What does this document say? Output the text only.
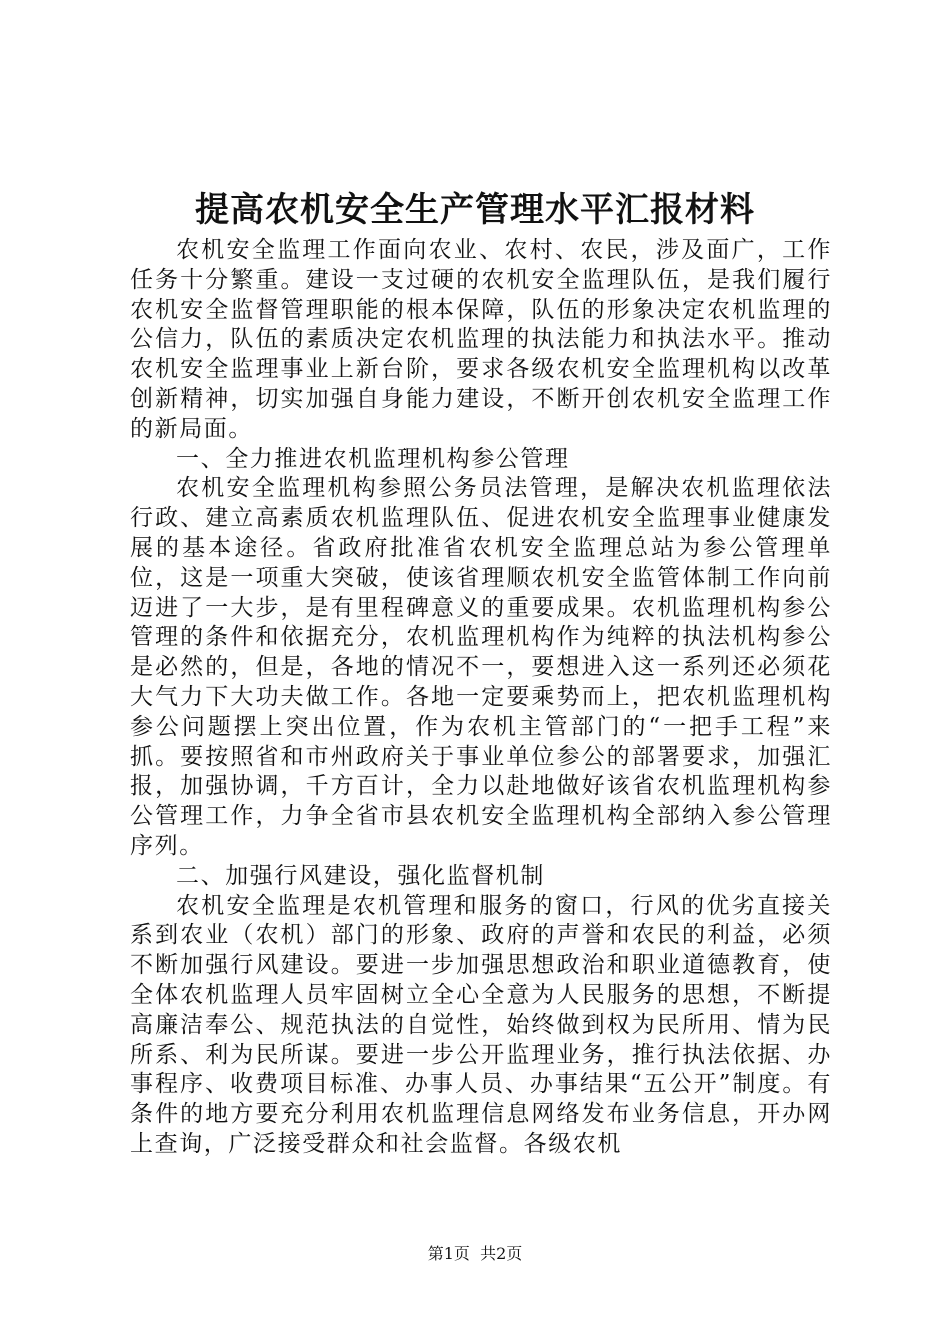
提高农机安全生产管理水平汇报材料

农机安全监理工作面向农业、农村、农民，涉及面广，工作任务十分繁重。建设一支过硬的农机安全监理队伍，是我们履行农机安全监督管理职能的根本保障，队伍的形象决定农机监理的公信力，队伍的素质决定农机监理的执法能力和执法水平。推动农机安全监理事业上新台阶，要求各级农机安全监理机构以改革创新精神，切实加强自身能力建设，不断开创农机安全监理工作的新局面。

一、全力推进农机监理机构参公管理

农机安全监理机构参照公务员法管理，是解决农机监理依法行政、建立高素质农机监理队伍、促进农机安全监理事业健康发展的基本途径。省政府批准省农机安全监理总站为参公管理单位，这是一项重大突破，使该省理顺农机安全监管体制工作向前迈进了一大步，是有里程碑意义的重要成果。农机监理机构参公管理的条件和依据充分，农机监理机构作为纯粹的执法机构参公是必然的，但是，各地的情况不一，要想进入这一系列还必须花大气力下大功夫做工作。各地一定要乘势而上，把农机监理机构参公问题摆上突出位置，作为农机主管部门的“一把手工程”来抓。要按照省和市州政府关于事业单位参公的部署要求，加强汇报，加强协调，千方百计，全力以赴地做好该省农机监理机构参公管理工作，力争全省市县农机安全监理机构全部纳入参公管理序列。

二、加强行风建设，强化监督机制

农机安全监理是农机管理和服务的窗口，行风的优劣直接关系到农业（农机）部门的形象、政府的声誉和农民的利益，必须不断加强行风建设。要进一步加强思想政治和职业道德教育，使全体农机监理人员牢固树立全心全意为人民服务的思想，不断提高廉洁奉公、规范执法的自觉性，始终做到权为民所用、情为民所系、利为民所谋。要进一步公开监理业务，推行执法依据、办事程序、收费项目标准、办事人员、办事结果“五公开”制度。有条件的地方要充分利用农机监理信息网络发布业务信息，开办网上查询，广泛接受群众和社会监督。各级农机

第1页  共2页
